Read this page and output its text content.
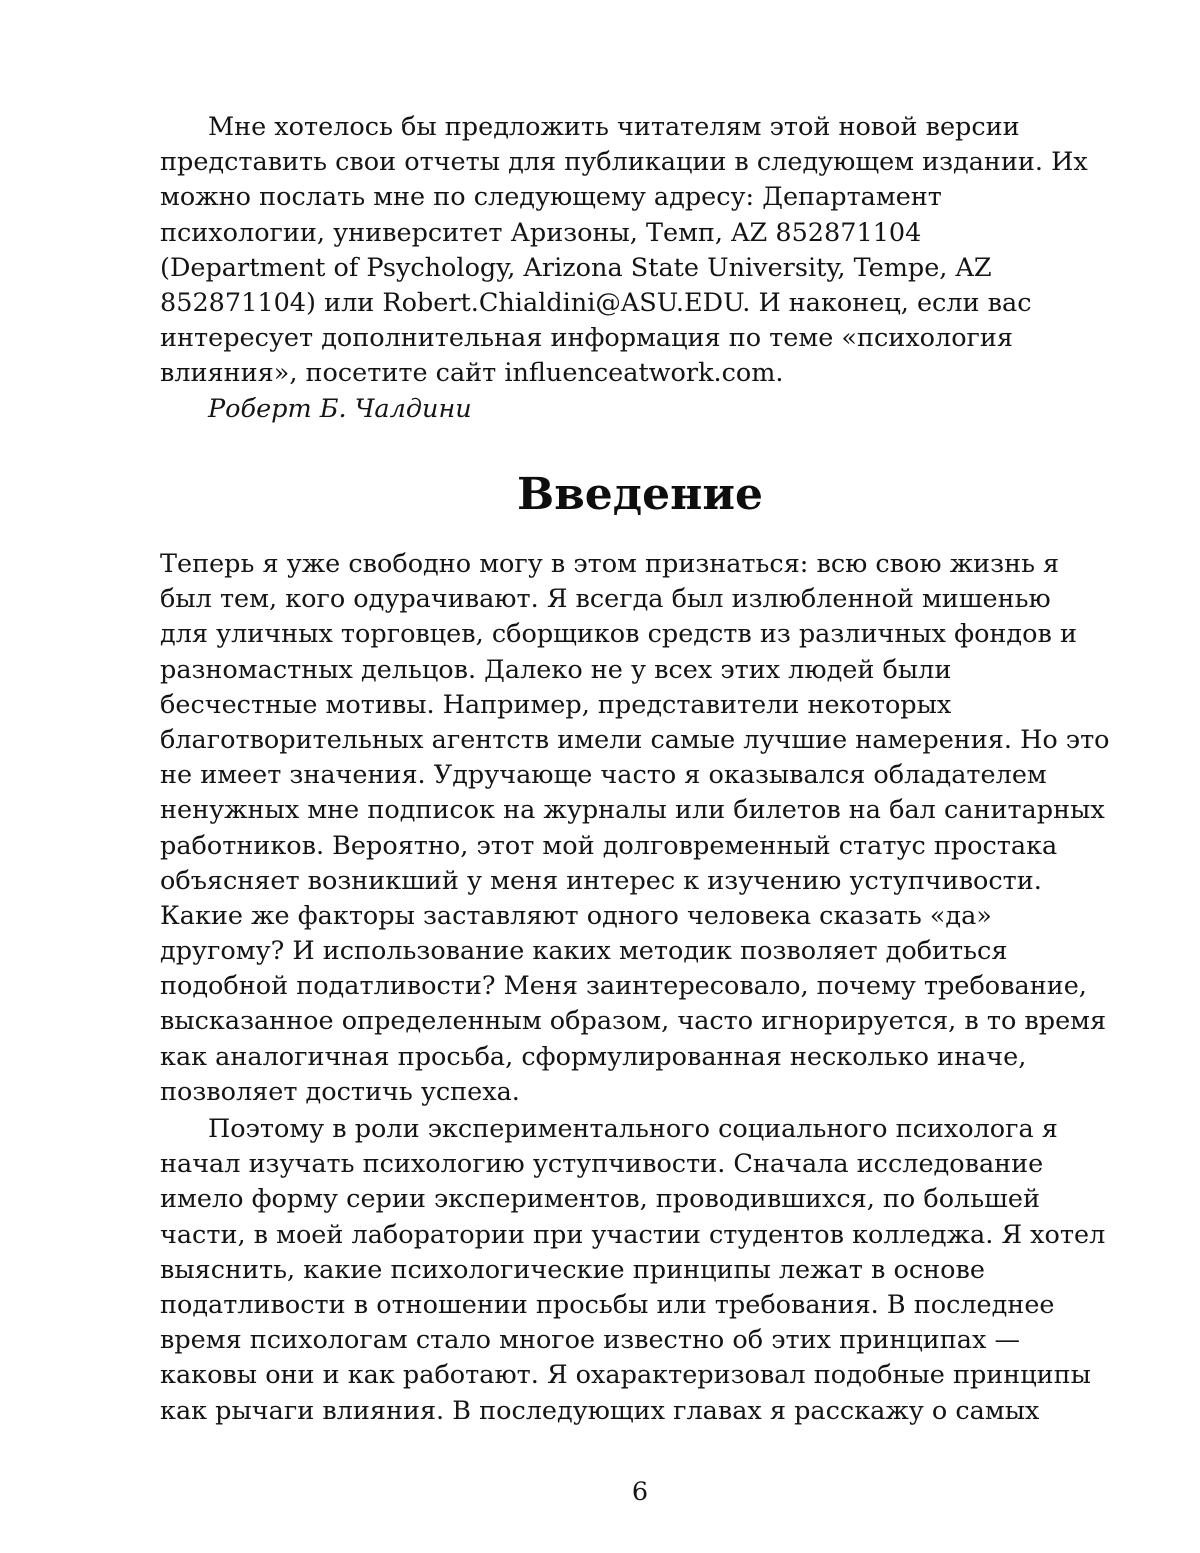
Мне хотелось бы предложить читателям этой новой версии
представить свои отчеты для публикации в следующем издании. Их
можно послать мне по следующему адресу: Департамент
психологии, университет Аризоны, Темп, AZ 852871104
(Department of Psychology, Arizona State University, Tempe, AZ
852871104) или Robert.Chialdini@ASU.EDU. И наконец, если вас
интересует дополнительная информация по теме «психология
влияния», посетите сайт influenceatwork.com.
Роберт Б. Чалдини
Введение
Теперь я уже свободно могу в этом признаться: всю свою жизнь я
был тем, кого одурачивают. Я всегда был излюбленной мишенью
для уличных торговцев, сборщиков средств из различных фондов и
разномастных дельцов. Далеко не у всех этих людей были
бесчестные мотивы. Например, представители некоторых
благотворительных агентств имели самые лучшие намерения. Но это
не имеет значения. Удручающе часто я оказывался обладателем
ненужных мне подписок на журналы или билетов на бал санитарных
работников. Вероятно, этот мой долговременный статус простака
объясняет возникший у меня интерес к изучению уступчивости.
Какие же факторы заставляют одного человека сказать «да»
другому? И использование каких методик позволяет добиться
подобной податливости? Меня заинтересовало, почему требование,
высказанное определенным образом, часто игнорируется, в то время
как аналогичная просьба, сформулированная несколько иначе,
позволяет достичь успеха.
Поэтому в роли экспериментального социального психолога я
начал изучать психологию уступчивости. Сначала исследование
имело форму серии экспериментов, проводившихся, по большей
части, в моей лаборатории при участии студентов колледжа. Я хотел
выяснить, какие психологические принципы лежат в основе
податливости в отношении просьбы или требования. В последнее
время психологам стало многое известно об этих принципах —
каковы они и как работают. Я охарактеризовал подобные принципы
как рычаги влияния. В последующих главах я расскажу о самых
6
